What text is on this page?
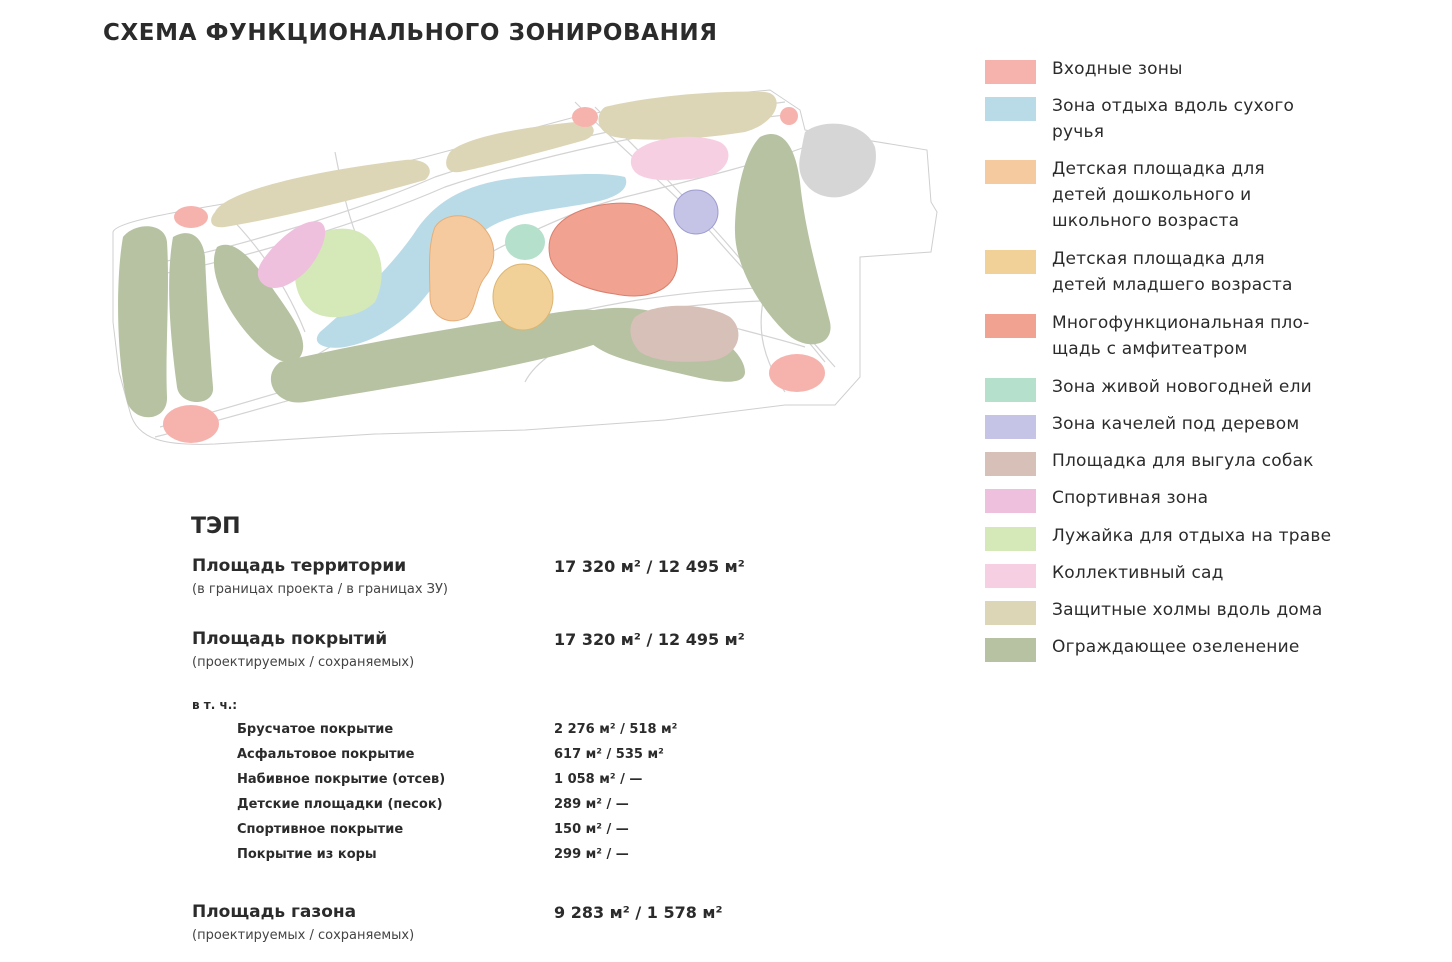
СХЕМА ФУНКЦИОНАЛЬНОГО ЗОНИРОВАНИЯ
Входные зоны
Зона отдыха вдоль сухого ручья
Детская площадка для детей дошкольного и школьного возраста
Детская площадка для детей младшего возраста
Многофункциональная пло- щадь с амфитеатром
Зона живой новогодней ели
Зона качелей под деревом
Площадка для выгула собак
Спортивная зона
Лужайка для отдыха на траве
Коллективный сад
Защитные холмы вдоль дома
Ограждающее озеленение
ТЭП
Площадь территории
(в границах проекта / в границах ЗУ)
17 320 м² / 12 495 м²
Площадь покрытий
(проектируемых / сохраняемых)
17 320 м² / 12 495 м²
в т. ч.:
Брусчатое покрытие	2 276 м² / 518 м²
Асфальтовое покрытие	617 м² / 535 м²
Набивное покрытие (отсев)	1 058 м² / —
Детские площадки (песок)	289 м² / —
Спортивное покрытие	150 м² / —
Покрытие из коры	299 м² / —
Площадь газона
(проектируемых / сохраняемых)
9 283 м² / 1 578 м²
